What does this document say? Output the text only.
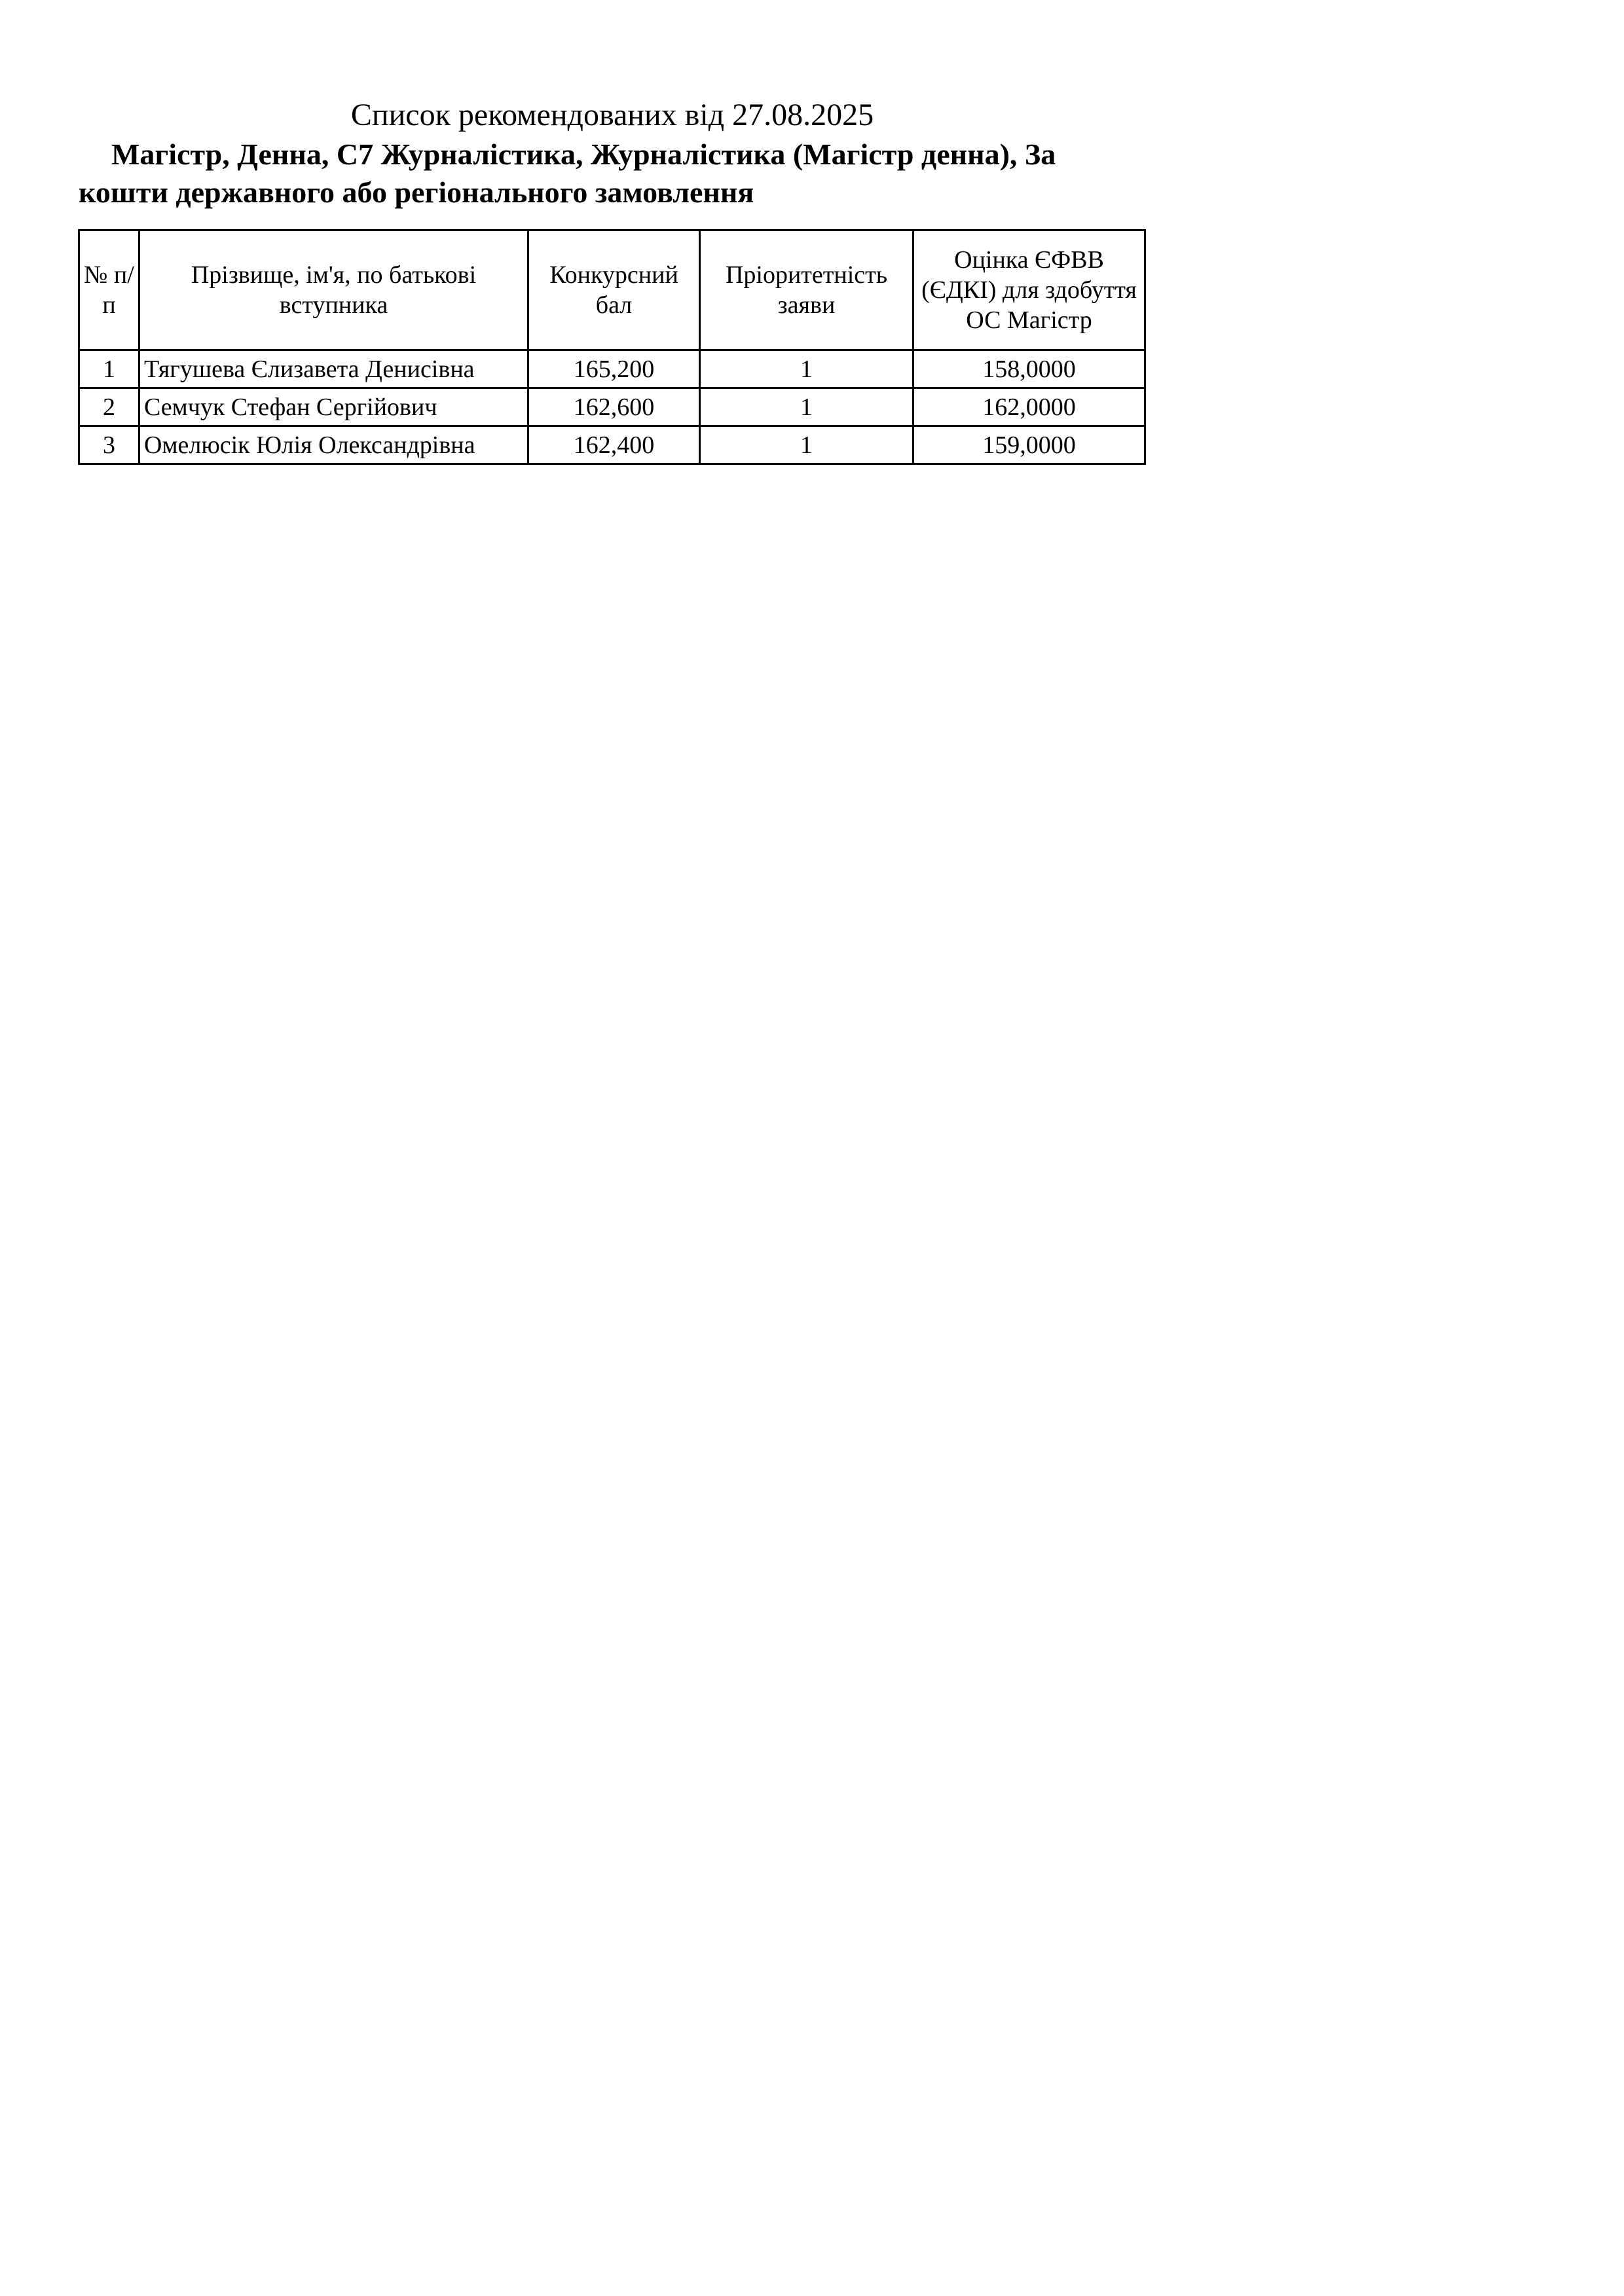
Список рекомендованих від 27.08.2025
Магістр, Денна, С7 Журналістика, Журналістика (Магістр денна), За
кошти державного або регіонального замовлення
№ п/п	Прізвище, ім'я, по батькові вступника	Конкурсний бал	Пріоритетність заяви	Оцінка ЄФВВ (ЄДКІ) для здобуття ОС Магістр
1	Тягушева Єлизавета Денисівна	165,200	1	158,0000
2	Семчук Стефан Сергійович	162,600	1	162,0000
3	Омелюсік Юлія Олександрівна	162,400	1	159,0000
